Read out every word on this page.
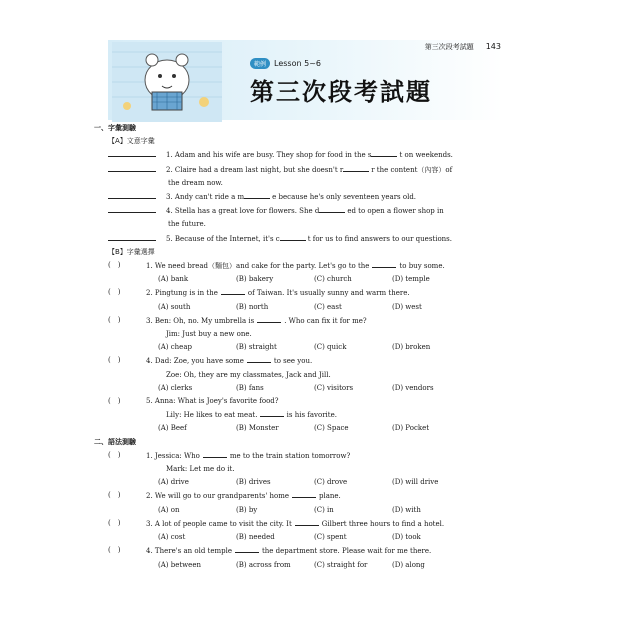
範例	Lesson 5~6
第三次段考試題
第三次段考試題 143
一、字彙測驗
【A】文意字彙
1. Adam and his wife are busy. They shop for food in the s	t on weekends.
2. Claire had a dream last night, but she doesn't r	r the content（內容）of
the dream now.
3. Andy can't ride a m	e because he's only seventeen years old.
4. Stella has a great love for flowers. She d	ed to open a flower shop in
the future.
5. Because of the Internet, it's c	t for us to find answers to our questions.
【B】字彙選擇
(　)	1. We need bread（麵包）and cake for the party. Let's go to the	to buy some.
(A) bank	(B) bakery	(C) church	(D) temple
(　)	2. Pingtung is in the	of Taiwan. It's usually sunny and warm there.
(A) south	(B) north	(C) east	(D) west
(　)	3. Ben: Oh, no. My umbrella is	. Who can fix it for me?
Jim: Just buy a new one.
(A) cheap	(B) straight	(C) quick	(D) broken
(　)	4. Dad: Zoe, you have some	to see you.
Zoe: Oh, they are my classmates, Jack and Jill.
(A) clerks	(B) fans	(C) visitors	(D) vendors
(　)	5. Anna: What is Joey's favorite food?
Lily: He likes to eat meat.	is his favorite.
(A) Beef	(B) Monster	(C) Space	(D) Pocket
二、語法測驗
(　)	1. Jessica: Who	me to the train station tomorrow?
Mark: Let me do it.
(A) drive	(B) drives	(C) drove	(D) will drive
(　)	2. We will go to our grandparents' home	plane.
(A) on	(B) by	(C) in	(D) with
(　)	3. A lot of people came to visit the city. It	Gilbert three hours to find a hotel.
(A) cost	(B) needed	(C) spent	(D) took
(　)	4. There's an old temple	the department store. Please wait for me there.
(A) between	(B) across from	(C) straight for	(D) along
